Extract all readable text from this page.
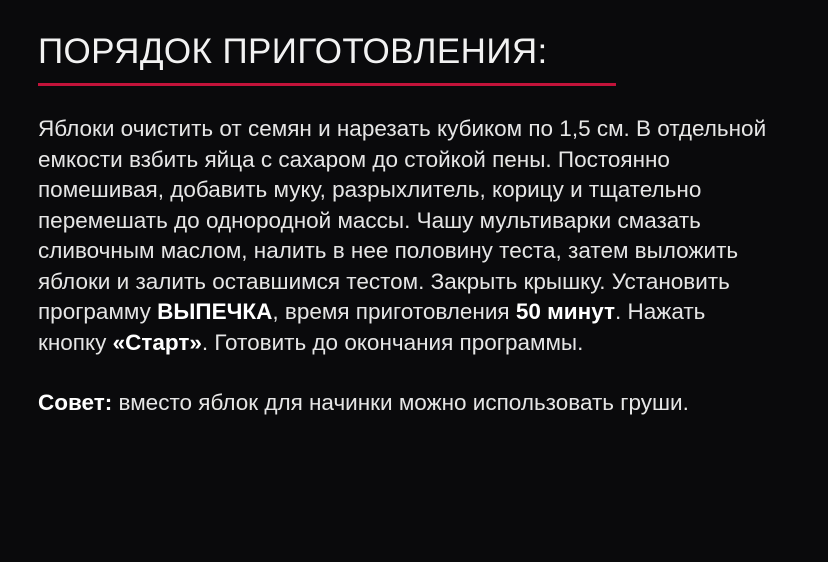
ПОРЯДОК ПРИГОТОВЛЕНИЯ:

Яблоки очистить от семян и нарезать кубиком по 1,5 см. В отдельной емкости взбить яйца с сахаром до стойкой пены. Постоянно помешивая, добавить муку, разрыхлитель, корицу и тщательно перемешать до однородной массы. Чашу мультиварки смазать сливочным маслом, налить в нее половину теста, затем выложить яблоки и залить оставшимся тестом. Закрыть крышку. Установить программу ВЫПЕЧКА, время приготовления 50 минут. Нажать кнопку «Старт». Готовить до окончания программы.

Совет: вместо яблок для начинки можно использовать груши.
